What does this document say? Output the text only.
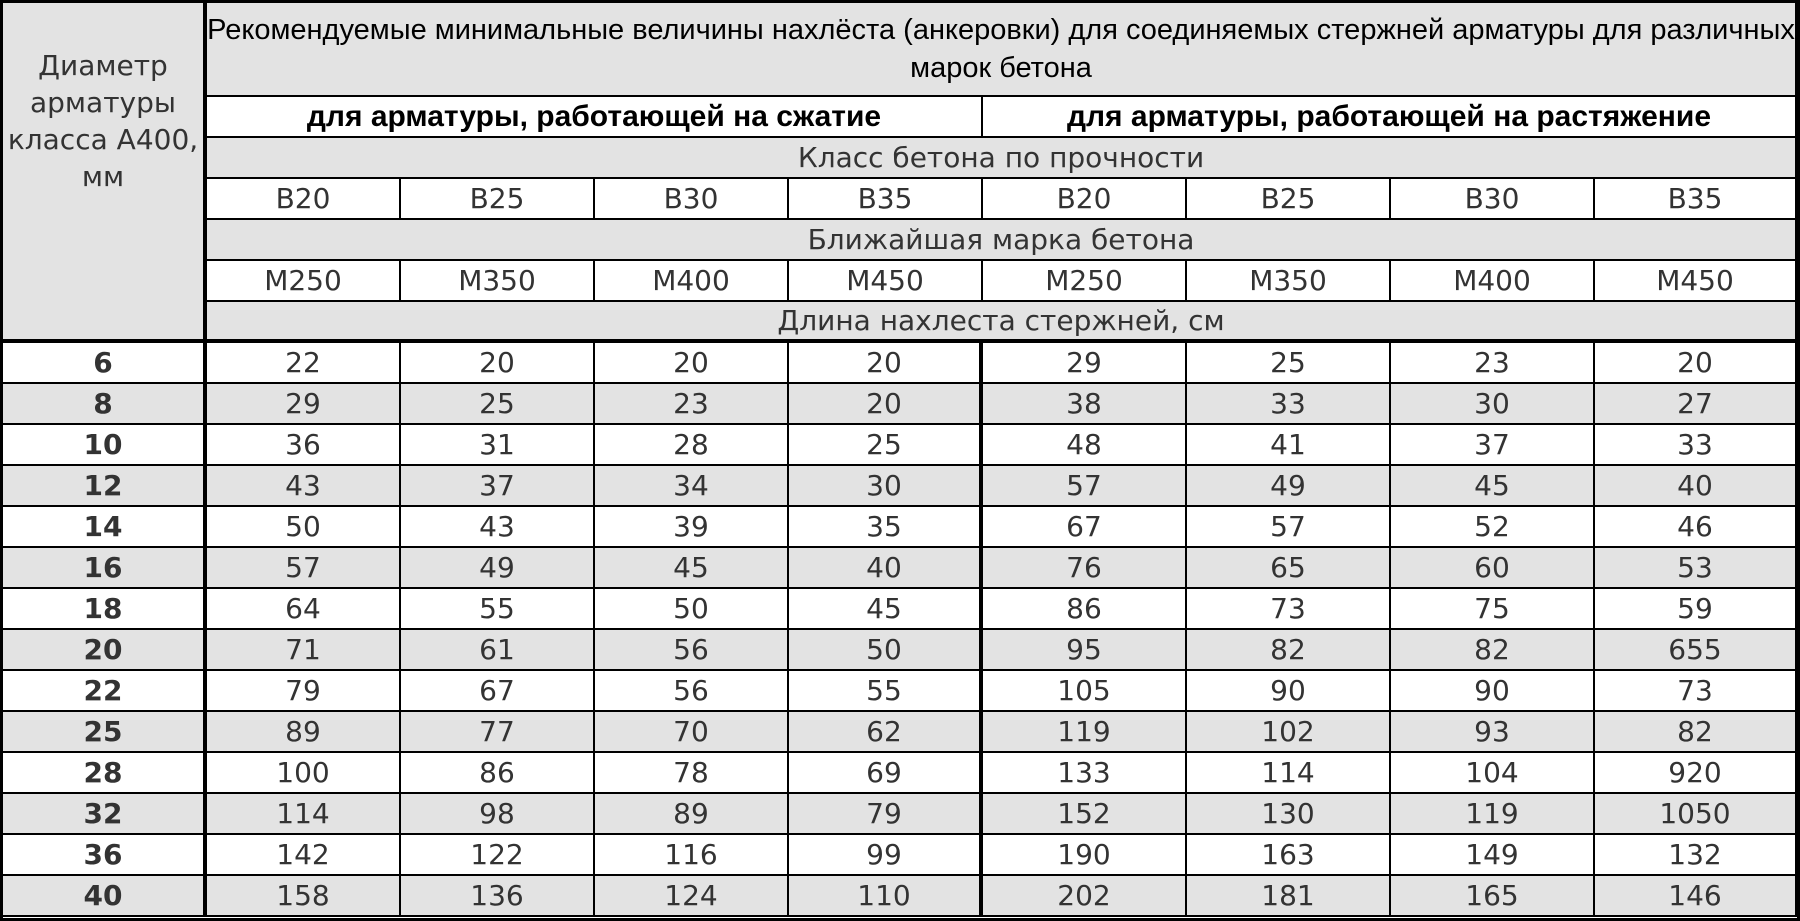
Диаметр арматуры класса А400, мм
Рекомендуемые минимальные величины нахлёста (анкеровки) для соединяемых стержней арматуры для различных марок бетона
для арматуры, работающей на сжатие	для арматуры, работающей на растяжение
Класс бетона по прочности
B20	B25	B30	B35	B20	B25	B30	B35
Ближайшая марка бетона
M250	M350	M400	M450	M250	M350	M400	M450
Длина нахлеста стержней, см
6	22	20	20	20	29	25	23	20
8	29	25	23	20	38	33	30	27
10	36	31	28	25	48	41	37	33
12	43	37	34	30	57	49	45	40
14	50	43	39	35	67	57	52	46
16	57	49	45	40	76	65	60	53
18	64	55	50	45	86	73	75	59
20	71	61	56	50	95	82	82	655
22	79	67	56	55	105	90	90	73
25	89	77	70	62	119	102	93	82
28	100	86	78	69	133	114	104	920
32	114	98	89	79	152	130	119	1050
36	142	122	116	99	190	163	149	132
40	158	136	124	110	202	181	165	146
